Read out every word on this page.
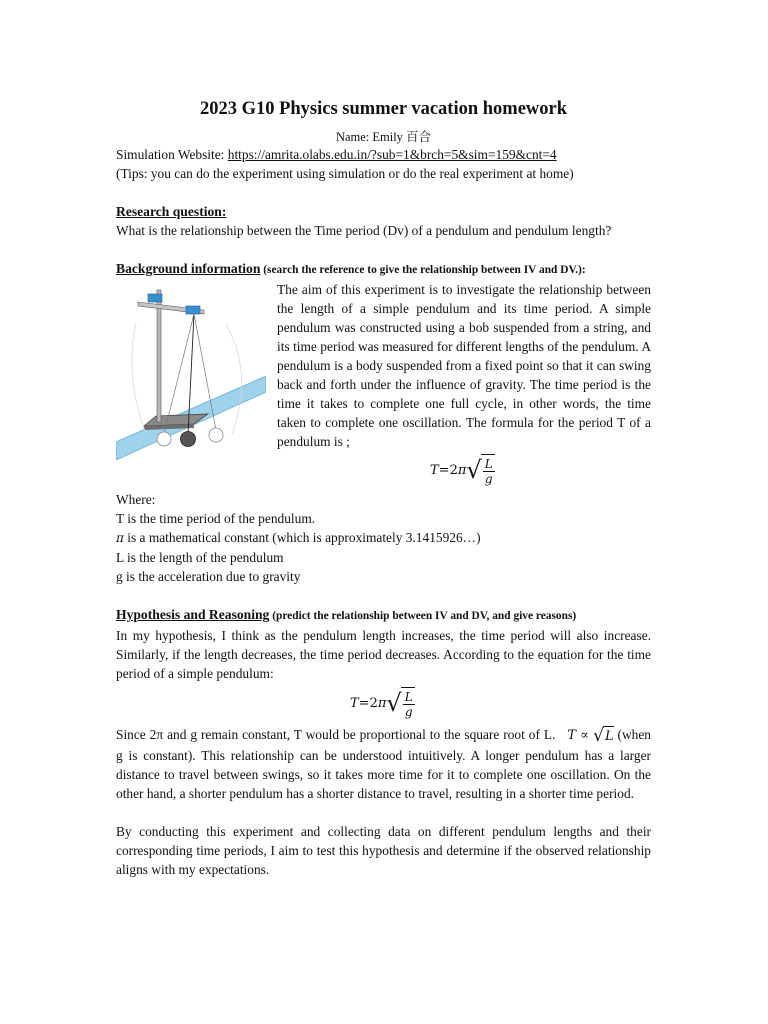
2023 G10 Physics summer vacation homework
Name: Emily 百合
Simulation Website: https://amrita.olabs.edu.in/?sub=1&brch=5&sim=159&cnt=4
(Tips: you can do the experiment using simulation or do the real experiment at home)
Research question:
What is the relationship between the Time period (Dv) of a pendulum and pendulum length?
Background information (search the reference to give the relationship between IV and DV.):
The aim of this experiment is to investigate the relationship between the length of a simple pendulum and its time period. A simple pendulum was constructed using a bob suspended from a string, and its time period was measured for different lengths of the pendulum. A pendulum is a body suspended from a fixed point so that it can swing back and forth under the influence of gravity. The time period is the time it takes to complete one full cycle, in other words, the time taken to complete one oscillation. The formula for the period T of a pendulum is ;
T =2 π √ $\frac{L}{g}$
Where:
T is the time period of the pendulum.
π is a mathematical constant (which is approximately 3.1415926…)
L is the length of the pendulum
g is the acceleration due to gravity
Hypothesis and Reasoning (predict the relationship between IV and DV, and give reasons)
In my hypothesis, I think as the pendulum length increases, the time period will also increase. Similarly, if the length decreases, the time period decreases. According to the equation for the time period of a simple pendulum:
T =2 π √ $\frac{L}{g}$
Since 2π and g remain constant, T would be proportional to the square root of L. T
∝
√ L (when g is constant). This relationship can be understood intuitively. A longer pendulum has a larger distance to travel between swings, so it takes more time for it to complete one oscillation. On the other hand, a shorter pendulum has a shorter distance to travel, resulting in a shorter time period.
By conducting this experiment and collecting data on different pendulum lengths and their corresponding time periods, I aim to test this hypothesis and determine if the observed relationship aligns with my expectations.
